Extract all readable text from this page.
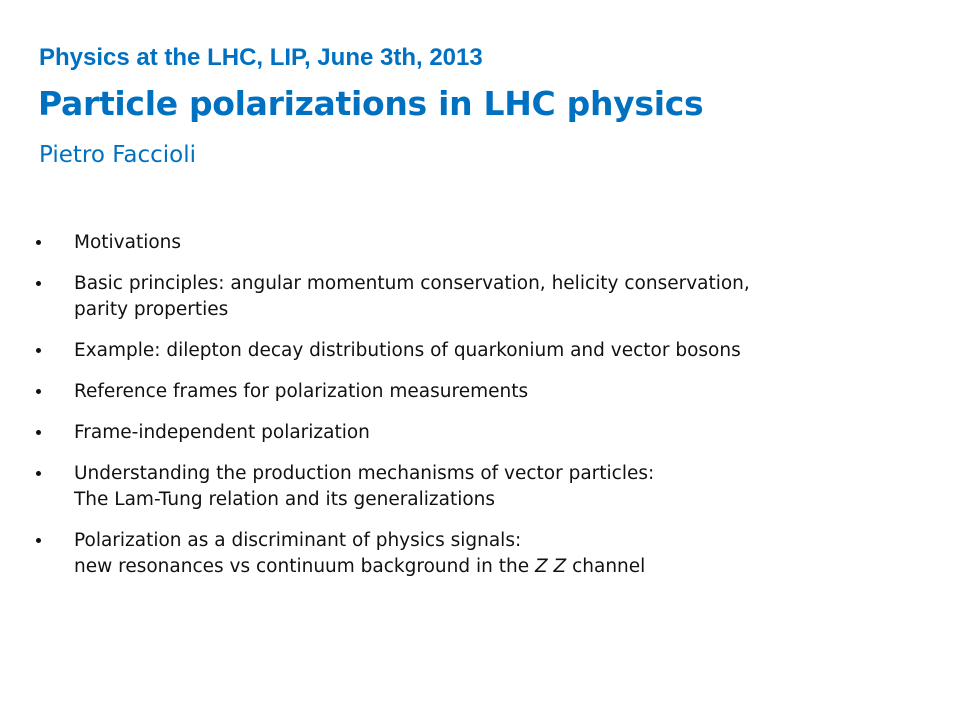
Physics at the LHC, LIP, June 3th, 2013
Particle polarizations in LHC physics
Pietro Faccioli
Motivations
Basic principles: angular momentum conservation, helicity conservation,
parity properties
Example: dilepton decay distributions of quarkonium and vector bosons
Reference frames for polarization measurements
Frame-independent polarization
Understanding the production mechanisms of vector particles:
The Lam-Tung relation and its generalizations
Polarization as a discriminant of physics signals:
new resonances vs continuum background in the Z Z channel
